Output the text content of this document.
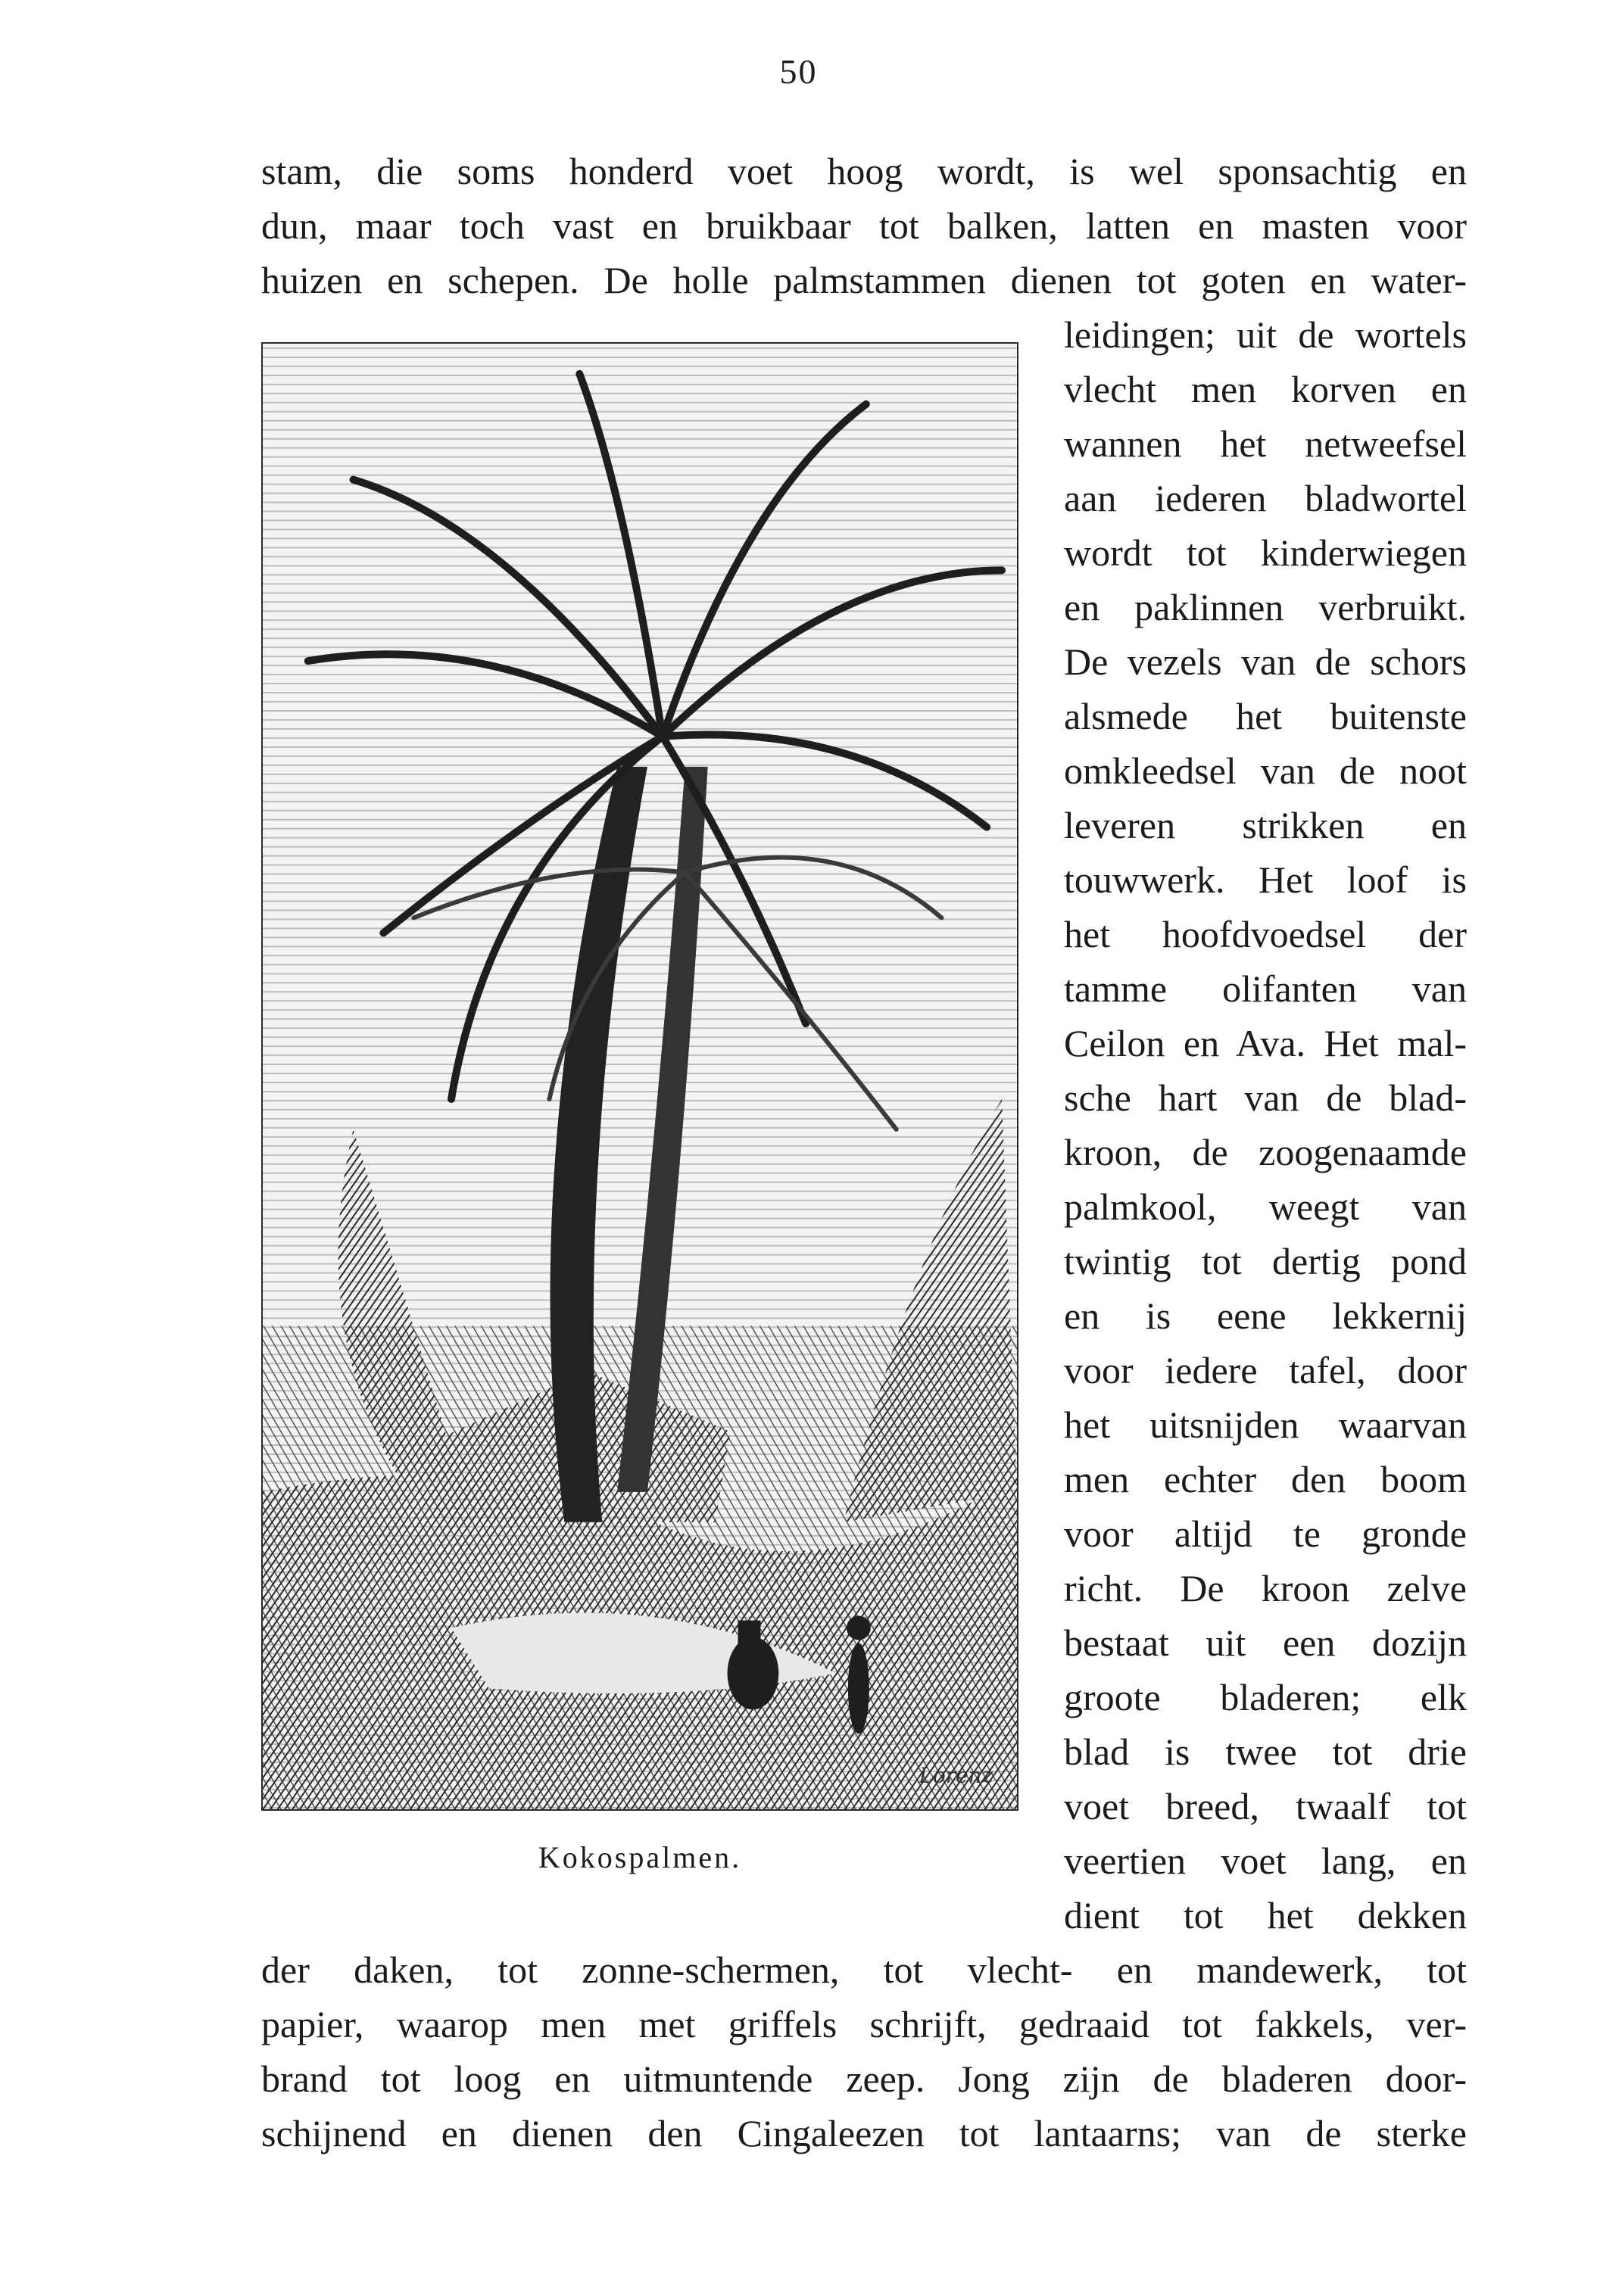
50
stam, die soms honderd voet hoog wordt, is wel sponsachtig en
dun, maar toch vast en bruikbaar tot balken, latten en masten voor
huizen en schepen. De holle palmstammen dienen tot goten en water-
leidingen; uit de wortels
vlecht men korven en
wannen het netweefsel
aan iederen bladwortel
wordt tot kinderwiegen
en paklinnen verbruikt.
De vezels van de schors
alsmede het buitenste
omkleedsel van de noot
leveren strikken en
touwwerk. Het loof is
het hoofdvoedsel der
tamme olifanten van
Ceilon en Ava. Het mal-
sche hart van de blad-
kroon, de zoogenaamde
palmkool, weegt van
twintig tot dertig pond
en is eene lekkernij
voor iedere tafel, door
het uitsnijden waarvan
men echter den boom
voor altijd te gronde
richt. De kroon zelve
bestaat uit een dozijn
groote bladeren; elk
blad is twee tot drie
voet breed, twaalf tot
veertien voet lang, en
dient tot het dekken
der daken, tot zonne-schermen, tot vlecht- en mandewerk, tot
papier, waarop men met griffels schrijft, gedraaid tot fakkels, ver-
brand tot loog en uitmuntende zeep. Jong zijn de bladeren door-
schijnend en dienen den Cingaleezen tot lantaarns; van de sterke
Lorenz
Kokospalmen.
